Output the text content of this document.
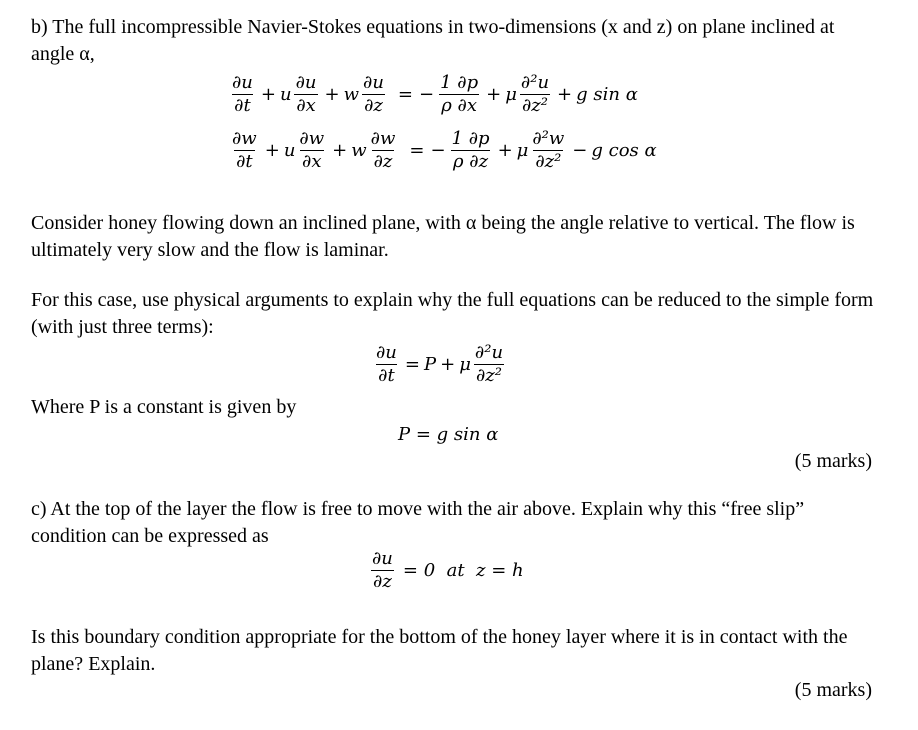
b) The full incompressible Navier-Stokes equations in two-dimensions (x and z) on plane inclined at angle α,

$\frac{\partial u}{\partial t} + u \frac{\partial u}{\partial x} + w \frac{\partial u}{\partial z}$ = − $\frac{1 \partial p}{\rho \partial x} + \mu \frac{\text{∂²u}}{\text{∂z²}} + g$ sin α
$\frac{\partial w}{\partial t} + u \frac{\partial w}{\partial x} + w \frac{\partial w}{\partial z}$ = − $\frac{1 \partial p}{\rho \partial z} + \mu \frac{\text{∂²w}}{\text{∂z²}} - g$ cos α

Consider honey flowing down an inclined plane, with α being the angle relative to vertical. The flow is ultimately very slow and the flow is laminar.

For this case, use physical arguments to explain why the full equations can be reduced to the simple form (with just three terms):

$\frac{\partial u}{\partial t} = P + \mu \frac{\text{∂²u}}{\text{∂z²}}$

Where P is a constant is given by

P = g sin α
(5 marks)

c) At the top of the layer the flow is free to move with the air above. Explain why this “free slip” condition can be expressed as

$\frac{\partial u}{\partial z} = 0$  at  z = h

Is this boundary condition appropriate for the bottom of the honey layer where it is in contact with the plane? Explain.

(5 marks)
